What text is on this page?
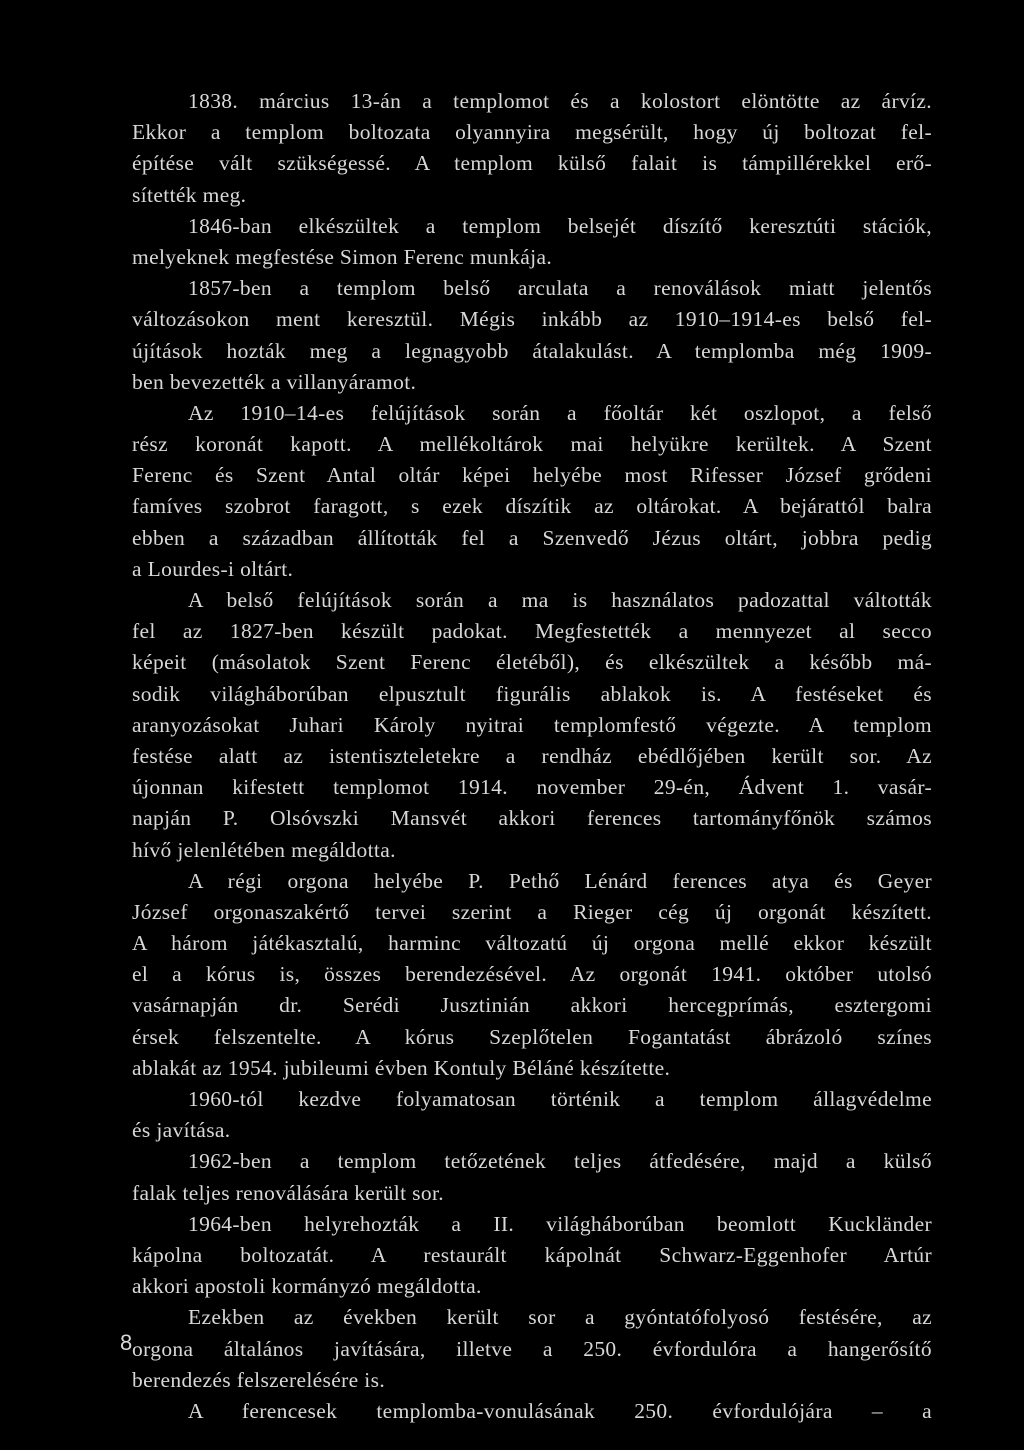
1838. március 13-án a templomot és a kolostort elöntötte az árvíz.
Ekkor a templom boltozata olyannyira megsérült, hogy új boltozat fel-
építése vált szükségessé. A templom külső falait is támpillérekkel erő-
sítették meg.
1846-ban elkészültek a templom belsejét díszítő keresztúti stációk,
melyeknek megfestése Simon Ferenc munkája.
1857-ben a templom belső arculata a renoválások miatt jelentős
változásokon ment keresztül. Mégis inkább az 1910–1914-es belső fel-
újítások hozták meg a legnagyobb átalakulást. A templomba még 1909-
ben bevezették a villanyáramot.
Az 1910–14-es felújítások során a főoltár két oszlopot, a felső
rész koronát kapott. A mellékoltárok mai helyükre kerültek. A Szent
Ferenc és Szent Antal oltár képei helyébe most Rifesser József grődeni
famíves szobrot faragott, s ezek díszítik az oltárokat. A bejárattól balra
ebben a században állították fel a Szenvedő Jézus oltárt, jobbra pedig
a Lourdes-i oltárt.
A belső felújítások során a ma is használatos padozattal váltották
fel az 1827-ben készült padokat. Megfestették a mennyezet al secco
képeit (másolatok Szent Ferenc életéből), és elkészültek a később má-
sodik világháborúban elpusztult figurális ablakok is. A festéseket és
aranyozásokat Juhari Károly nyitrai templomfestő végezte. A templom
festése alatt az istentiszteletekre a rendház ebédlőjében került sor. Az
újonnan kifestett templomot 1914. november 29-én, Ádvent 1. vasár-
napján P. Olsóvszki Mansvét akkori ferences tartományfőnök számos
hívő jelenlétében megáldotta.
A régi orgona helyébe P. Pethő Lénárd ferences atya és Geyer
József orgonaszakértő tervei szerint a Rieger cég új orgonát készített.
A három játékasztalú, harminc változatú új orgona mellé ekkor készült
el a kórus is, összes berendezésével. Az orgonát 1941. október utolsó
vasárnapján dr. Serédi Jusztinián akkori hercegprímás, esztergomi
érsek felszentelte. A kórus Szeplőtelen Fogantatást ábrázoló színes
ablakát az 1954. jubileumi évben Kontuly Béláné készítette.
1960-tól kezdve folyamatosan történik a templom állagvédelme
és javítása.
1962-ben a templom tetőzetének teljes átfedésére, majd a külső
falak teljes renoválására került sor.
1964-ben helyrehozták a II. világháborúban beomlott Kuckländer
kápolna boltozatát. A restaurált kápolnát Schwarz-Eggenhofer Artúr
akkori apostoli kormányzó megáldotta.
Ezekben az években került sor a gyóntatófolyosó festésére, az
orgona általános javítására, illetve a 250. évfordulóra a hangerősítő
berendezés felszerelésére is.
A ferencesek templomba-vonulásának 250. évfordulójára – a
8
